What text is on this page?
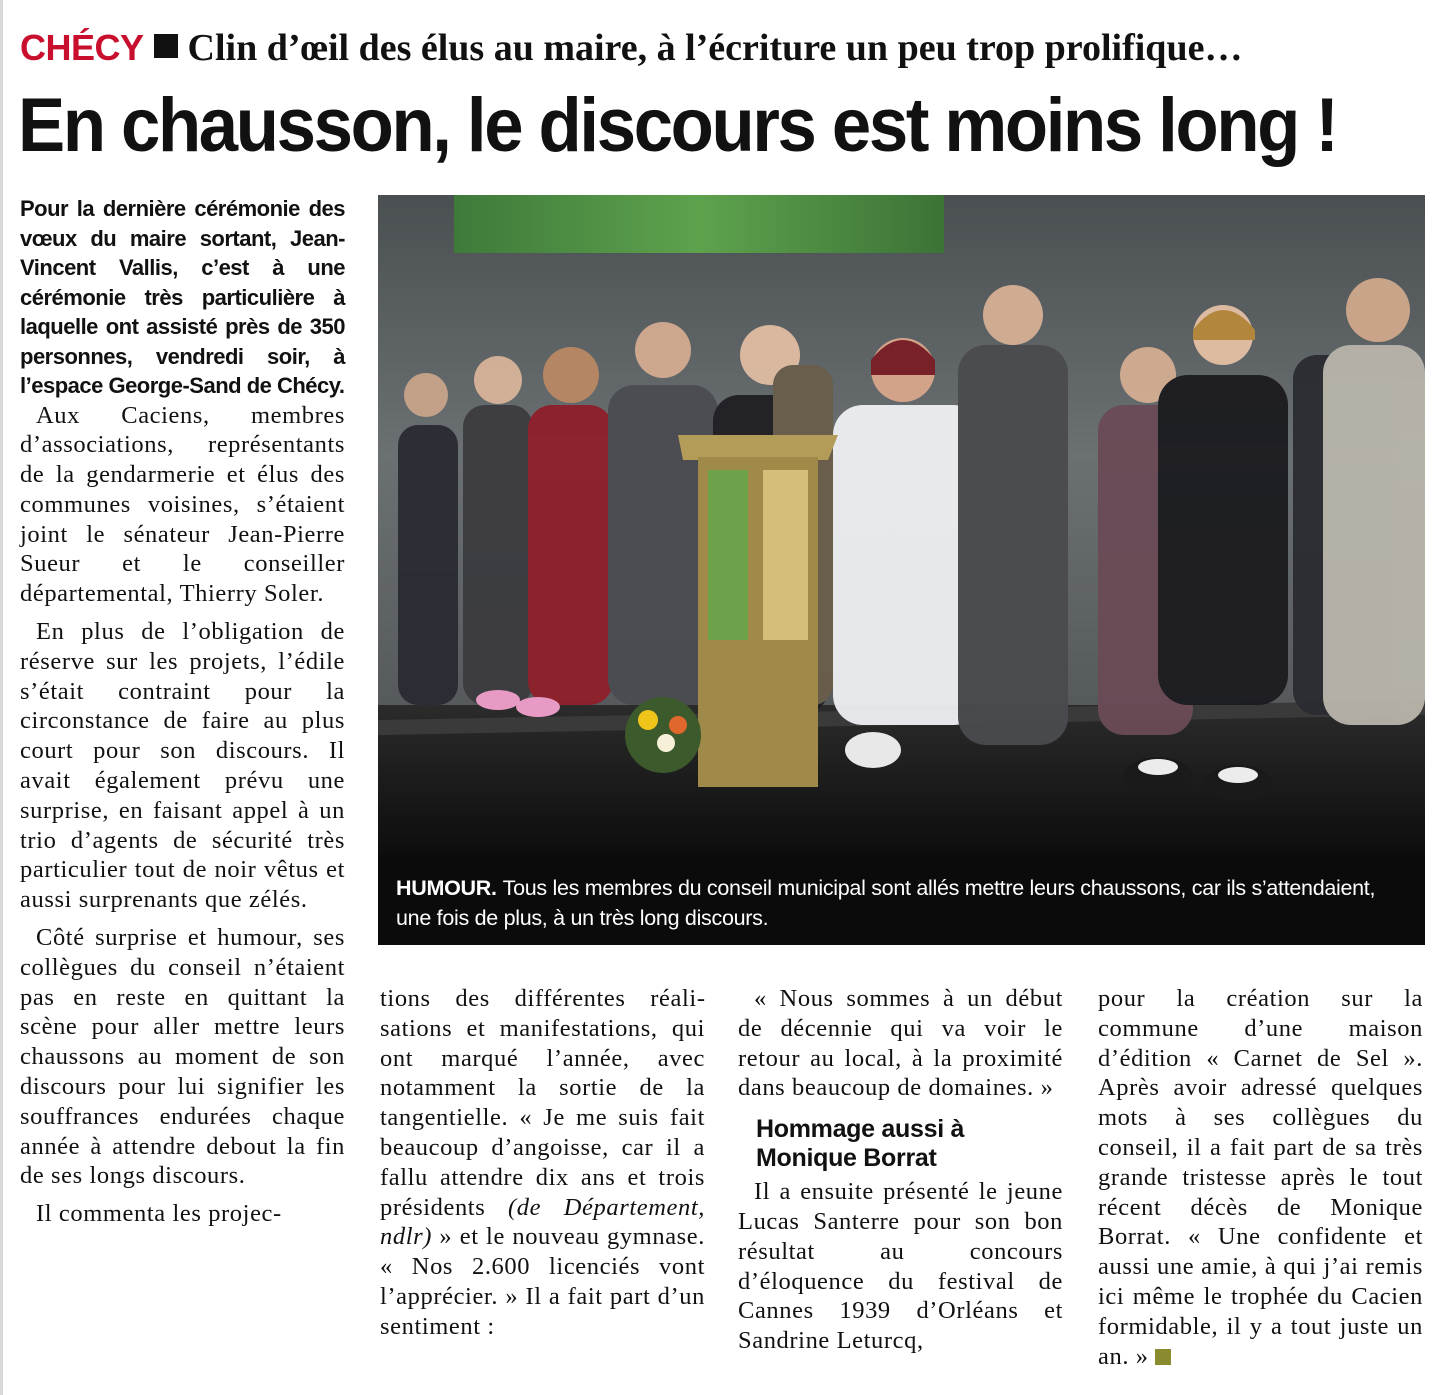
CHÉCY Clin d’œil des élus au maire, à l’écriture un peu trop prolifique…
En chausson, le discours est moins long !

Pour la dernière cérémonie des vœux du maire sortant, Jean-Vincent Vallis, c’est à une cérémonie très particulière à laquelle ont assisté près de 350 personnes, vendredi soir, à l’espace George-Sand de Chécy.

Aux Caciens, membres d’associations, représentants de la gendarmerie et élus des communes voisines, s’étaient joint le sénateur Jean-Pierre Sueur et le conseiller départemental, Thierry Soler.

En plus de l’obligation de réserve sur les projets, l’édile s’était contraint pour la circonstance de faire au plus court pour son discours. Il avait également prévu une surprise, en faisant appel à un trio d’agents de sécurité très particulier tout de noir vêtus et aussi surprenants que zélés.

Côté surprise et humour, ses collègues du conseil n’étaient pas en reste en quittant la scène pour aller mettre leurs chaussons au moment de son discours pour lui signifier les souffrances endurées chaque année à attendre debout la fin de ses longs discours.

Il commenta les projec-

HUMOUR. Tous les membres du conseil municipal sont allés mettre leurs chaussons, car ils s’attendaient, une fois de plus, à un très long discours.

tions des différentes réalisations et manifestations, qui ont marqué l’année, avec notamment la sortie de la tangentielle. « Je me suis fait beaucoup d’angoisse, car il a fallu attendre dix ans et trois présidents (de Département, ndlr) » et le nouveau gymnase. « Nos 2.600 licenciés vont l’apprécier. » Il a fait part d’un sentiment :

« Nous sommes à un début de décennie qui va voir le retour au local, à la proximité dans beaucoup de domaines. »

Hommage aussi à Monique Borrat

Il a ensuite présenté le jeune Lucas Santerre pour son bon résultat au concours d’éloquence du festival de Cannes 1939 d’Orléans et Sandrine Leturcq,

pour la création sur la commune d’une maison d’édition « Carnet de Sel ». Après avoir adressé quelques mots à ses collègues du conseil, il a fait part de sa très grande tristesse après le tout récent décès de Monique Borrat. « Une confidente et aussi une amie, à qui j’ai remis ici même le trophée du Cacien formidable, il y a tout juste un an. »
